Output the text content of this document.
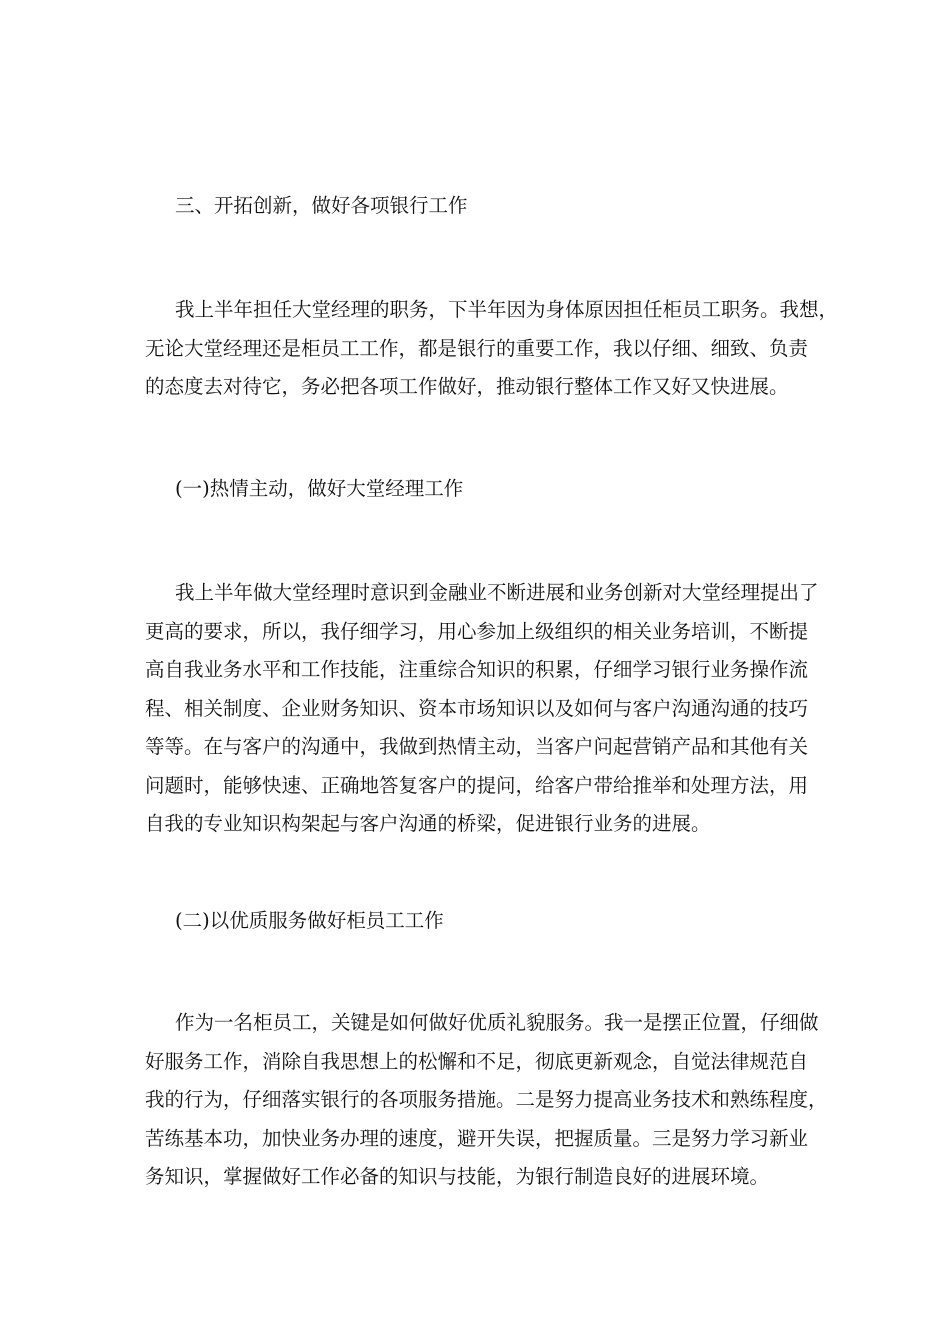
三、开拓创新，做好各项银行工作

我上半年担任大堂经理的职务，下半年因为身体原因担任柜员工职务。我想，
无论大堂经理还是柜员工工作，都是银行的重要工作，我以仔细、细致、负责
的态度去对待它，务必把各项工作做好，推动银行整体工作又好又快进展。

(一)热情主动，做好大堂经理工作

我上半年做大堂经理时意识到金融业不断进展和业务创新对大堂经理提出了
更高的要求，所以，我仔细学习，用心参加上级组织的相关业务培训，不断提
高自我业务水平和工作技能，注重综合知识的积累，仔细学习银行业务操作流
程、相关制度、企业财务知识、资本市场知识以及如何与客户沟通沟通的技巧
等等。在与客户的沟通中，我做到热情主动，当客户问起营销产品和其他有关
问题时，能够快速、正确地答复客户的提问，给客户带给推举和处理方法，用
自我的专业知识构架起与客户沟通的桥梁，促进银行业务的进展。

(二)以优质服务做好柜员工工作

作为一名柜员工，关键是如何做好优质礼貌服务。我一是摆正位置，仔细做
好服务工作，消除自我思想上的松懈和不足，彻底更新观念，自觉法律规范自
我的行为，仔细落实银行的各项服务措施。二是努力提高业务技术和熟练程度，
苦练基本功，加快业务办理的速度，避开失误，把握质量。三是努力学习新业
务知识，掌握做好工作必备的知识与技能，为银行制造良好的进展环境。
